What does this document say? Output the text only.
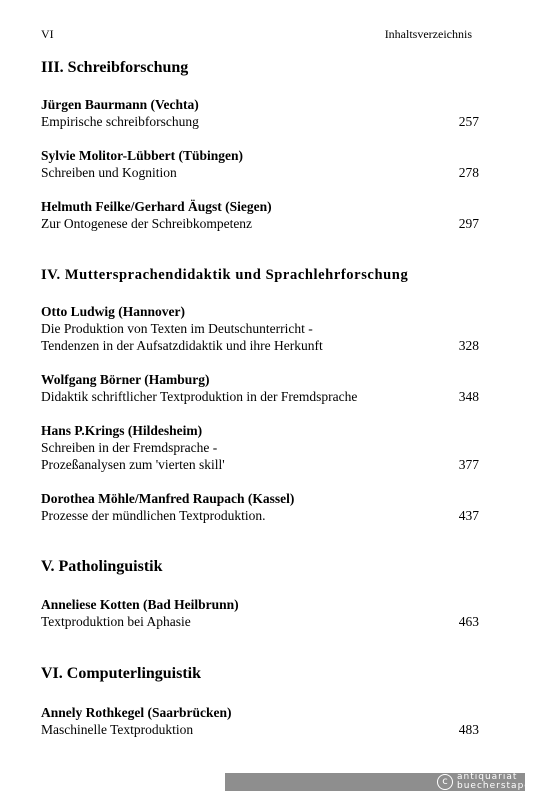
VI	Inhaltsverzeichnis
III. Schreibforschung
Jürgen Baurmann (Vechta)
Empirische schreibforschung	257
Sylvie Molitor-Lübbert (Tübingen)
Schreiben und Kognition	278
Helmuth Feilke/Gerhard Äugst (Siegen)
Zur Ontogenese der Schreibkompetenz	297
IV. Muttersprachendidaktik und Sprachlehrforschung
Otto Ludwig (Hannover)
Die Produktion von Texten im Deutschunterricht -
Tendenzen in der Aufsatzdidaktik und ihre Herkunft	328
Wolfgang Börner (Hamburg)
Didaktik schriftlicher Textproduktion in der Fremdsprache	348
Hans P.Krings (Hildesheim)
Schreiben in der Fremdsprache -
Prozeßanalysen zum 'vierten skill'	377
Dorothea Möhle/Manfred Raupach (Kassel)
Prozesse der mündlichen Textproduktion.	437
V. Patholinguistik
Anneliese Kotten (Bad Heilbrunn)
Textproduktion bei Aphasie	463
VI. Computerlinguistik
Annely Rothkegel (Saarbrücken)
Maschinelle Textproduktion	483
c	antiquariat
buecherstapel
